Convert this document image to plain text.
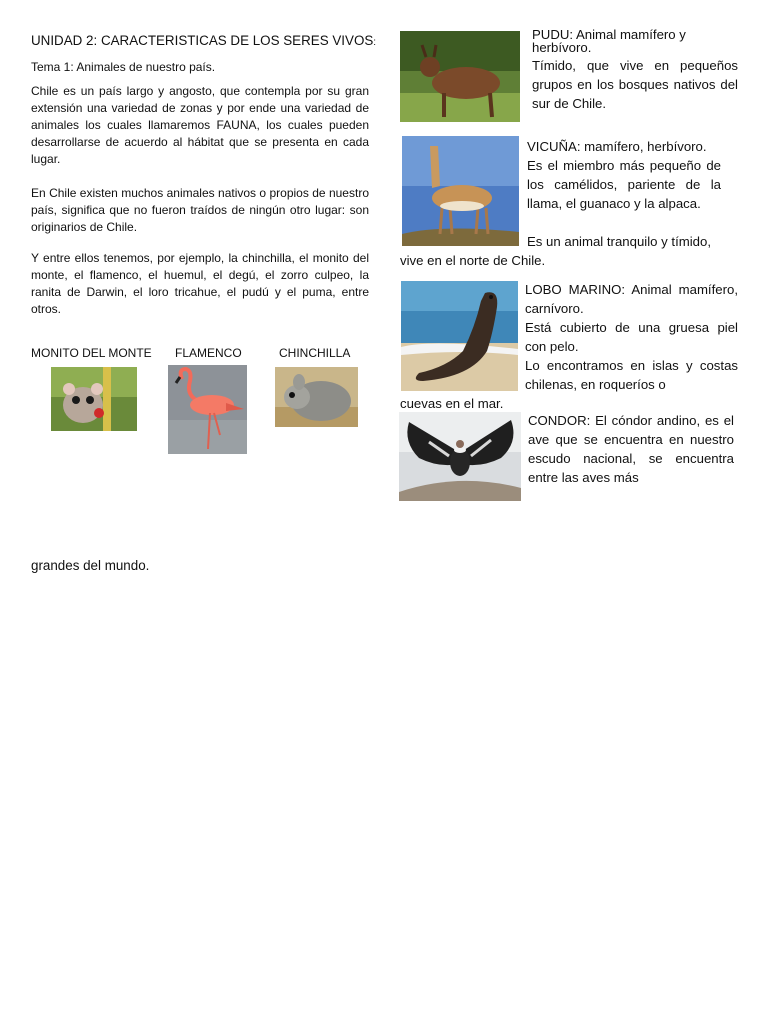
UNIDAD 2: CARACTERISTICAS DE LOS SERES VIVOS:
Tema 1: Animales de nuestro país.

Chile es un país largo y angosto, que contempla por su gran extensión una variedad de zonas y por ende una variedad de animales los cuales llamaremos FAUNA, los cuales pueden desarrollarse de acuerdo al hábitat que se presenta en cada lugar.

En Chile existen muchos animales nativos o propios de nuestro país, significa que no fueron traídos de ningún otro lugar: son originarios de Chile.

Y entre ellos tenemos, por ejemplo, la chinchilla, el monito del monte, el flamenco, el huemul, el degú, el zorro culpeo, la ranita de Darwin, el loro tricahue, el pudú y el puma, entre otros.

MONITO DEL MONTE FLAMENCO	CHINCHILLA
PUDU: Animal mamífero y herbívoro.

Tímido, que vive en pequeños grupos en los bosques nativos del sur de Chile.

VICUÑA: mamífero, herbívoro.

Es el miembro más pequeño de los camélidos, pariente de la llama, el guanaco y la alpaca.

Es un animal tranquilo y tímido,

vive en el norte de Chile.

LOBO MARINO: Animal mamífero, carnívoro.

Está cubierto de una gruesa piel con pelo.

Lo encontramos en islas y costas chilenas, en roqueríos o

cuevas en el mar.

CONDOR: El cóndor andino, es el ave que se encuentra en nuestro escudo nacional, se encuentra entre las aves más

grandes del mundo.
